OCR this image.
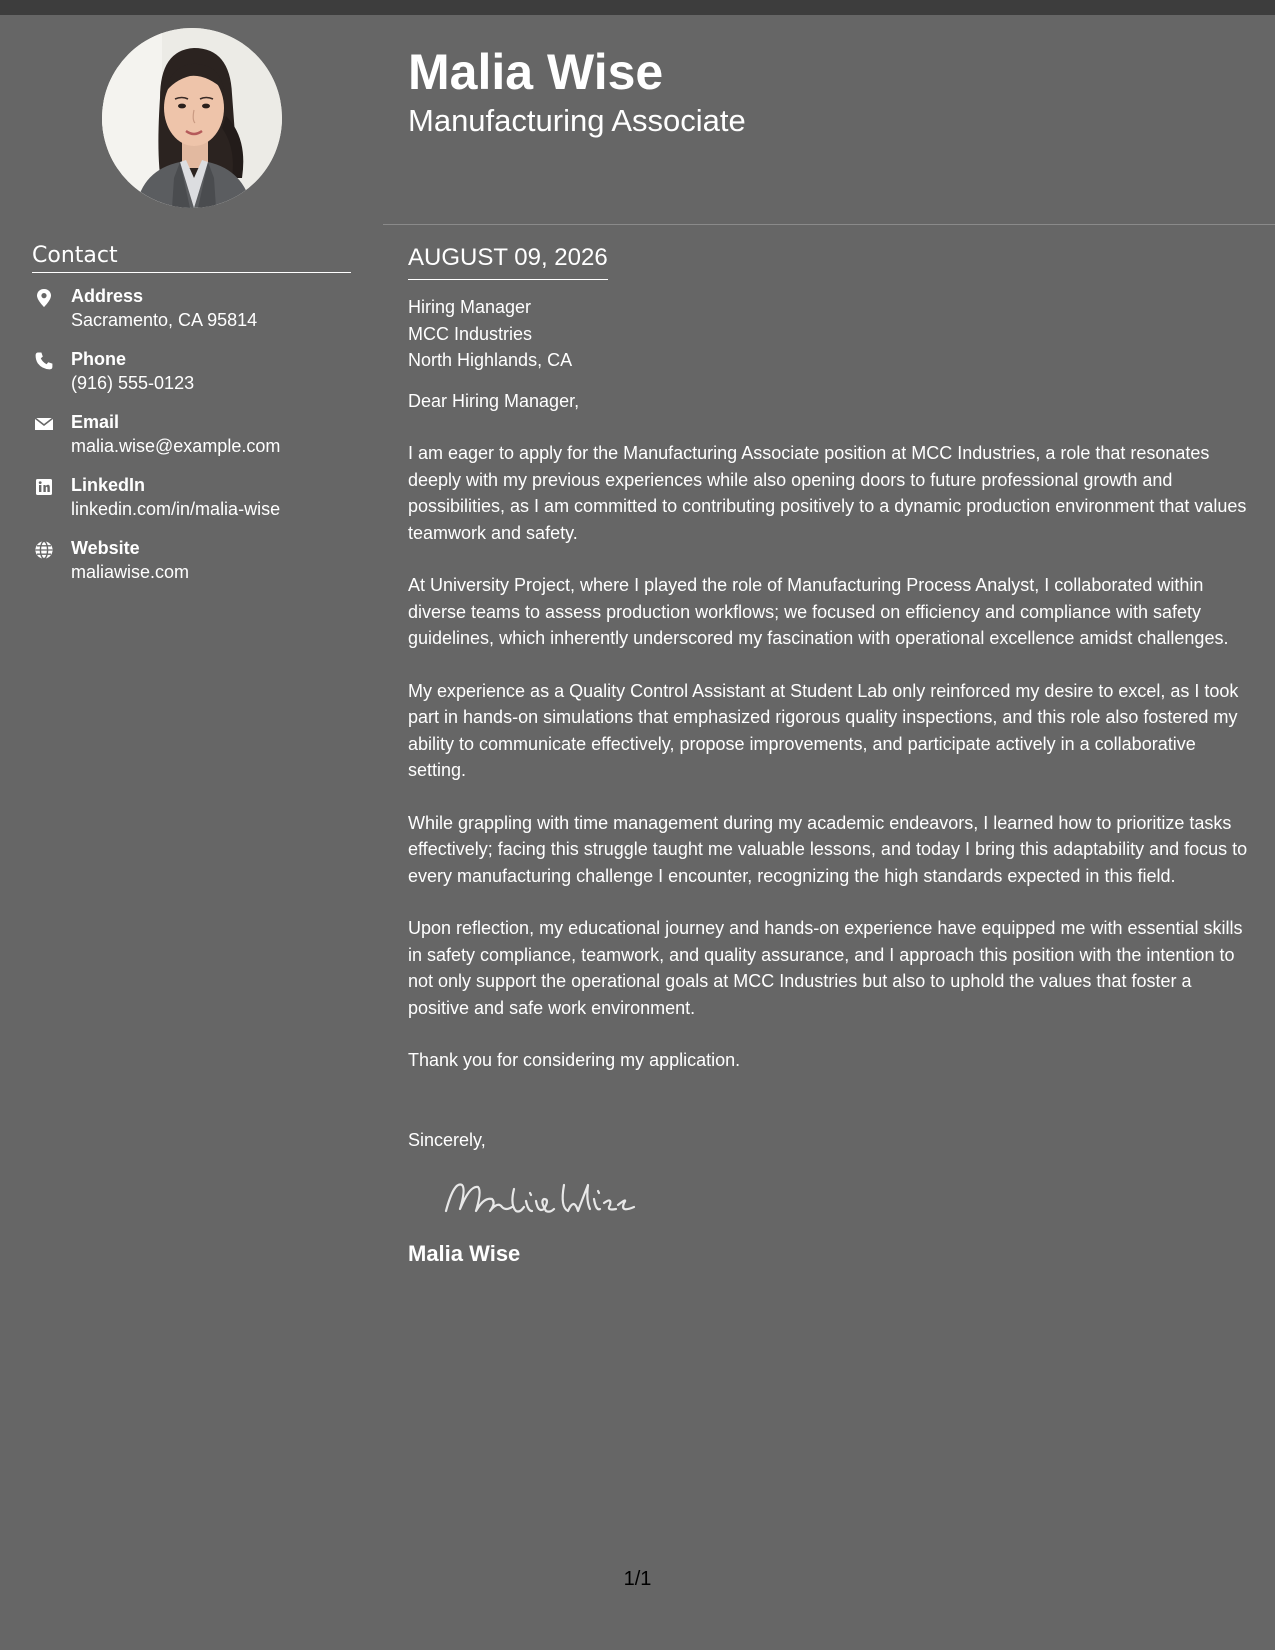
Contact
Address
Sacramento, CA 95814
Phone
(916) 555-0123
Email
malia.wise@example.com
LinkedIn
linkedin.com/in/malia-wise
Website
maliawise.com
Malia Wise
Manufacturing Associate
AUGUST 09, 2026
Hiring Manager
MCC Industries
North Highlands, CA

Dear Hiring Manager,

I am eager to apply for the Manufacturing Associate position at MCC Industries, a role that resonates deeply with my previous experiences while also opening doors to future professional growth and possibilities, as I am committed to contributing positively to a dynamic production environment that values teamwork and safety.

At University Project, where I played the role of Manufacturing Process Analyst, I collaborated within diverse teams to assess production workflows; we focused on efficiency and compliance with safety guidelines, which inherently underscored my fascination with operational excellence amidst challenges.

My experience as a Quality Control Assistant at Student Lab only reinforced my desire to excel, as I took part in hands-on simulations that emphasized rigorous quality inspections, and this role also fostered my ability to communicate effectively, propose improvements, and participate actively in a collaborative setting.

While grappling with time management during my academic endeavors, I learned how to prioritize tasks effectively; facing this struggle taught me valuable lessons, and today I bring this adaptability and focus to every manufacturing challenge I encounter, recognizing the high standards expected in this field.

Upon reflection, my educational journey and hands-on experience have equipped me with essential skills in safety compliance, teamwork, and quality assurance, and I approach this position with the intention to not only support the operational goals at MCC Industries but also to uphold the values that foster a positive and safe work environment.

Thank you for considering my application.

Sincerely,

Malia Wise

1/1
